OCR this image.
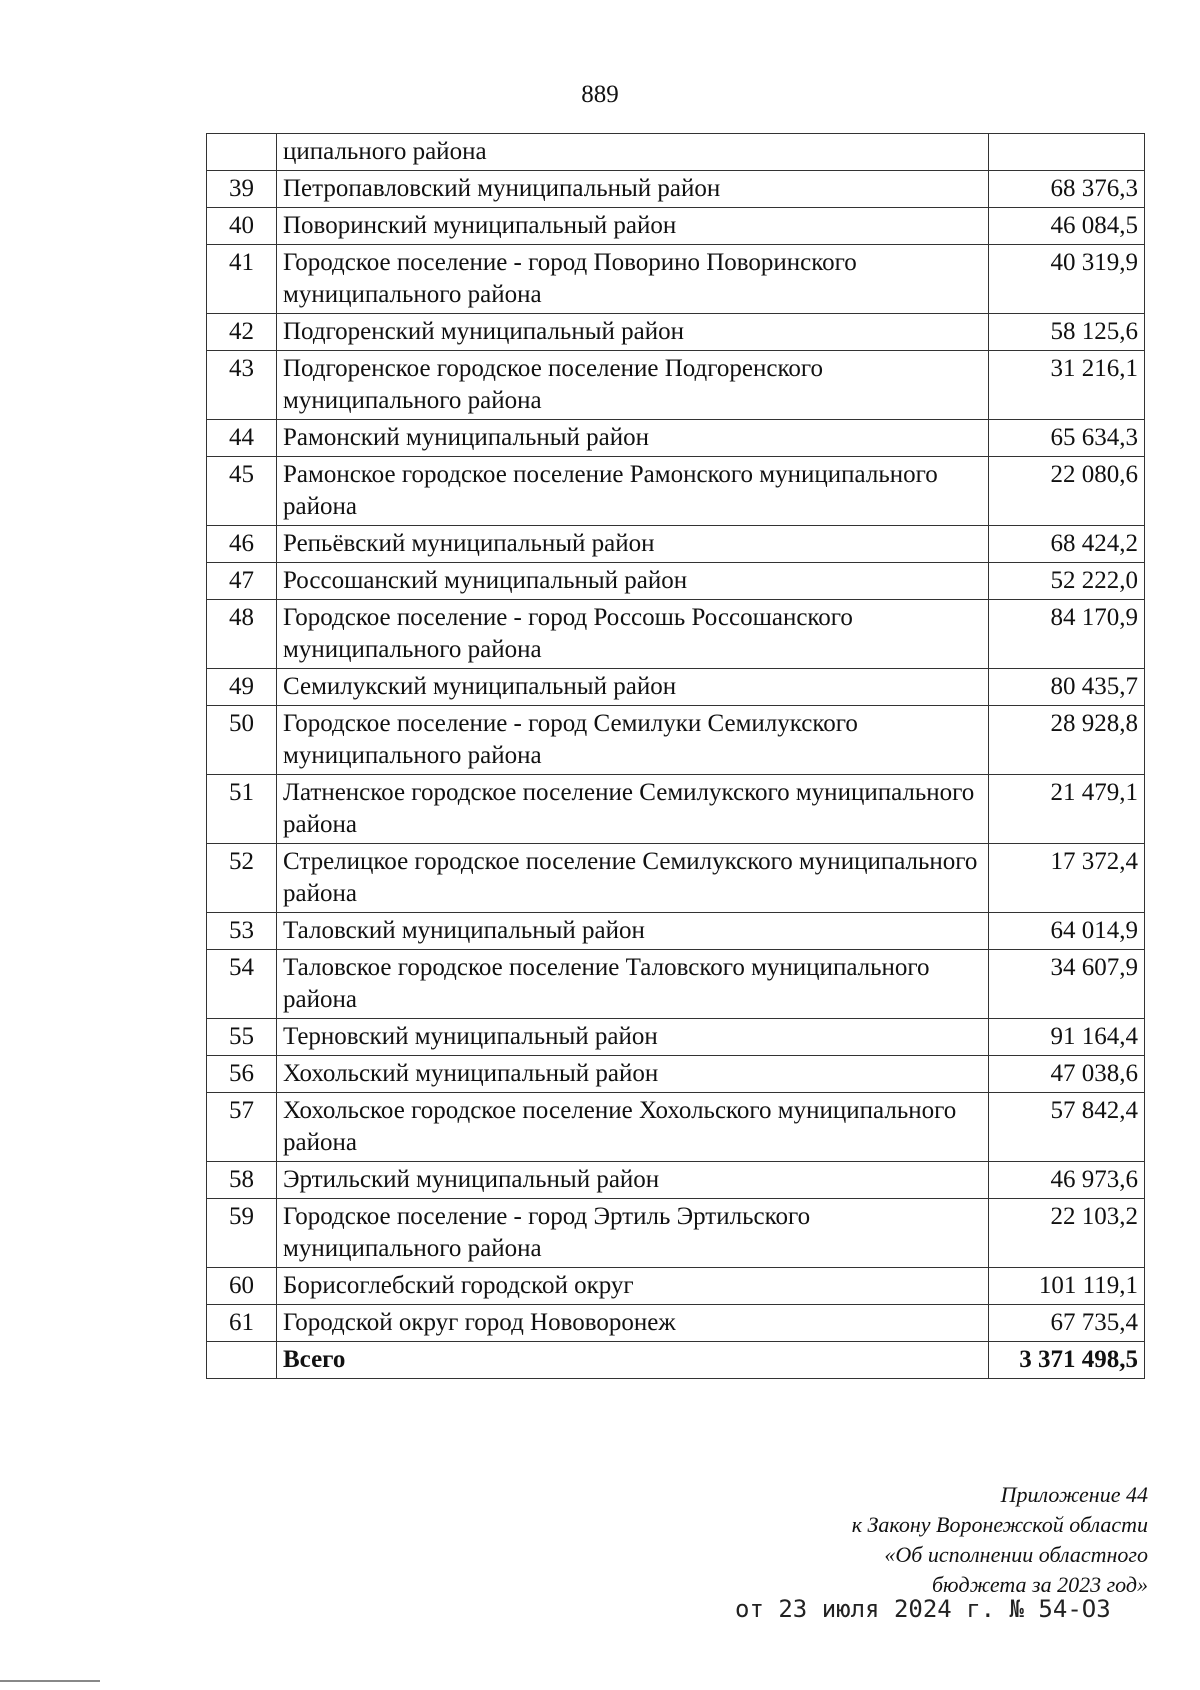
889
	ципального района	
39	Петропавловский муниципальный район	68 376,3
40	Поворинский муниципальный район	46 084,5
41	Городское поселение - город Поворино Поворинского муниципального района	40 319,9
42	Подгоренский муниципальный район	58 125,6
43	Подгоренское городское поселение Подгоренского муниципального района	31 216,1
44	Рамонский муниципальный район	65 634,3
45	Рамонское городское поселение Рамонского муниципального района	22 080,6
46	Репьёвский муниципальный район	68 424,2
47	Россошанский муниципальный район	52 222,0
48	Городское поселение - город Россошь Россошанского муниципального района	84 170,9
49	Семилукский муниципальный район	80 435,7
50	Городское поселение - город Семилуки Семилукского муниципального района	28 928,8
51	Латненское городское поселение Семилукского муниципального района	21 479,1
52	Стрелицкое городское поселение Семилукского муниципального района	17 372,4
53	Таловский муниципальный район	64 014,9
54	Таловское городское поселение Таловского муниципального района	34 607,9
55	Терновский муниципальный район	91 164,4
56	Хохольский муниципальный район	47 038,6
57	Хохольское городское поселение Хохольского муниципального района	57 842,4
58	Эртильский муниципальный район	46 973,6
59	Городское поселение - город Эртиль Эртильского муниципального района	22 103,2
60	Борисоглебский городской округ	101 119,1
61	Городской округ город Нововоронеж	67 735,4
	Всего	3 371 498,5
Приложение 44
к Закону Воронежской области
«Об исполнении областного
бюджета за 2023 год»
от 23 июля 2024 г. № 54-ОЗ
